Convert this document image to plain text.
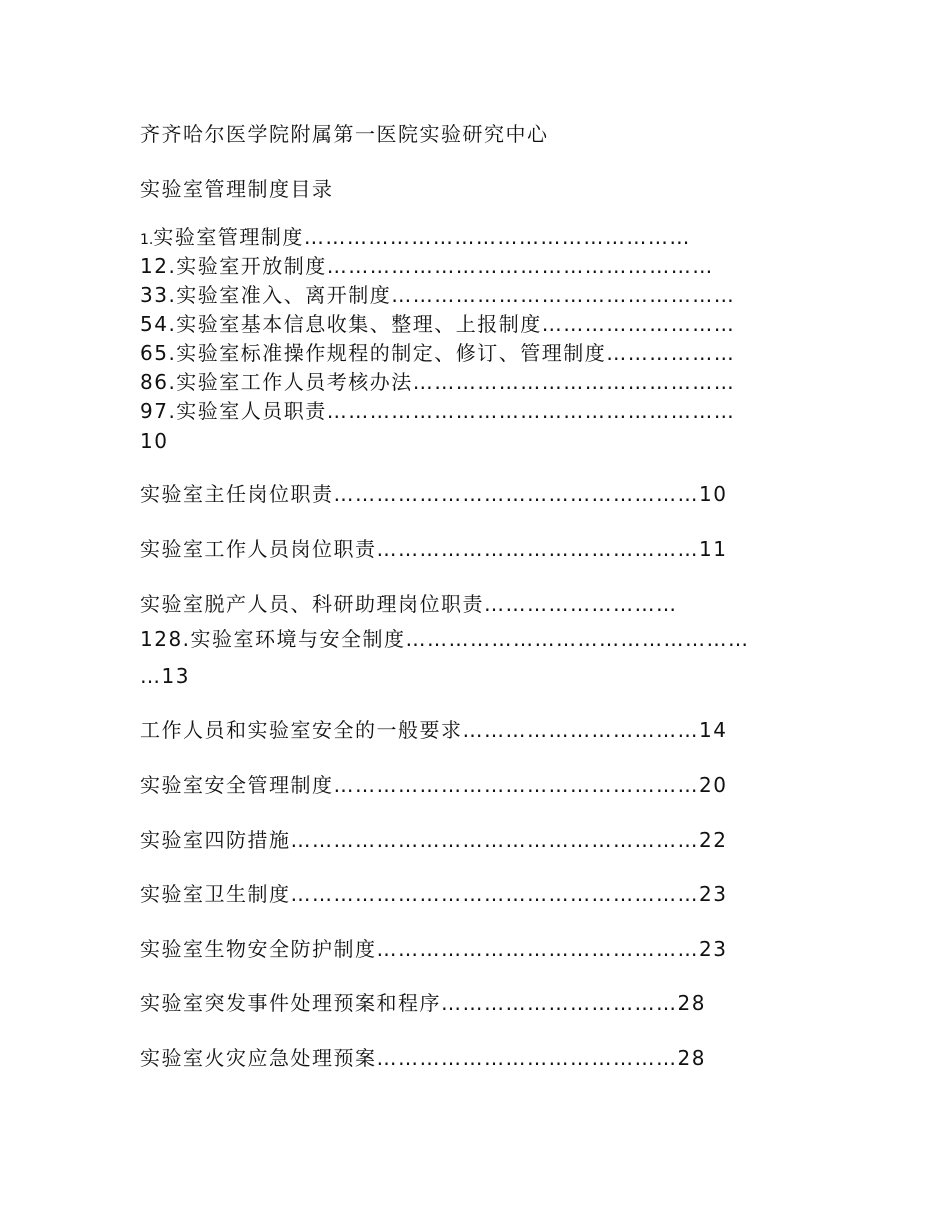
齐齐哈尔医学院附属第一医院实验研究中心

实验室管理制度目录

1.实验室管理制度………………………………………………

12.实验室开放制度………………………………………………

33.实验室准入、离开制度…………………………………………

54.实验室基本信息收集、整理、上报制度………………………

65.实验室标准操作规程的制定、修订、管理制度………………

86.实验室工作人员考核办法………………………………………

97.实验室人员职责…………………………………………………

10

实验室主任岗位职责……………………………………………10

实验室工作人员岗位职责………………………………………11

实验室脱产人员、科研助理岗位职责………………………

128.实验室环境与安全制度…………………………………………

…13

工作人员和实验室安全的一般要求……………………………14

实验室安全管理制度……………………………………………20

实验室四防措施…………………………………………………22

实验室卫生制度…………………………………………………23

实验室生物安全防护制度………………………………………23

实验室突发事件处理预案和程序……………………………28

实验室火灾应急处理预案……………………………………28
